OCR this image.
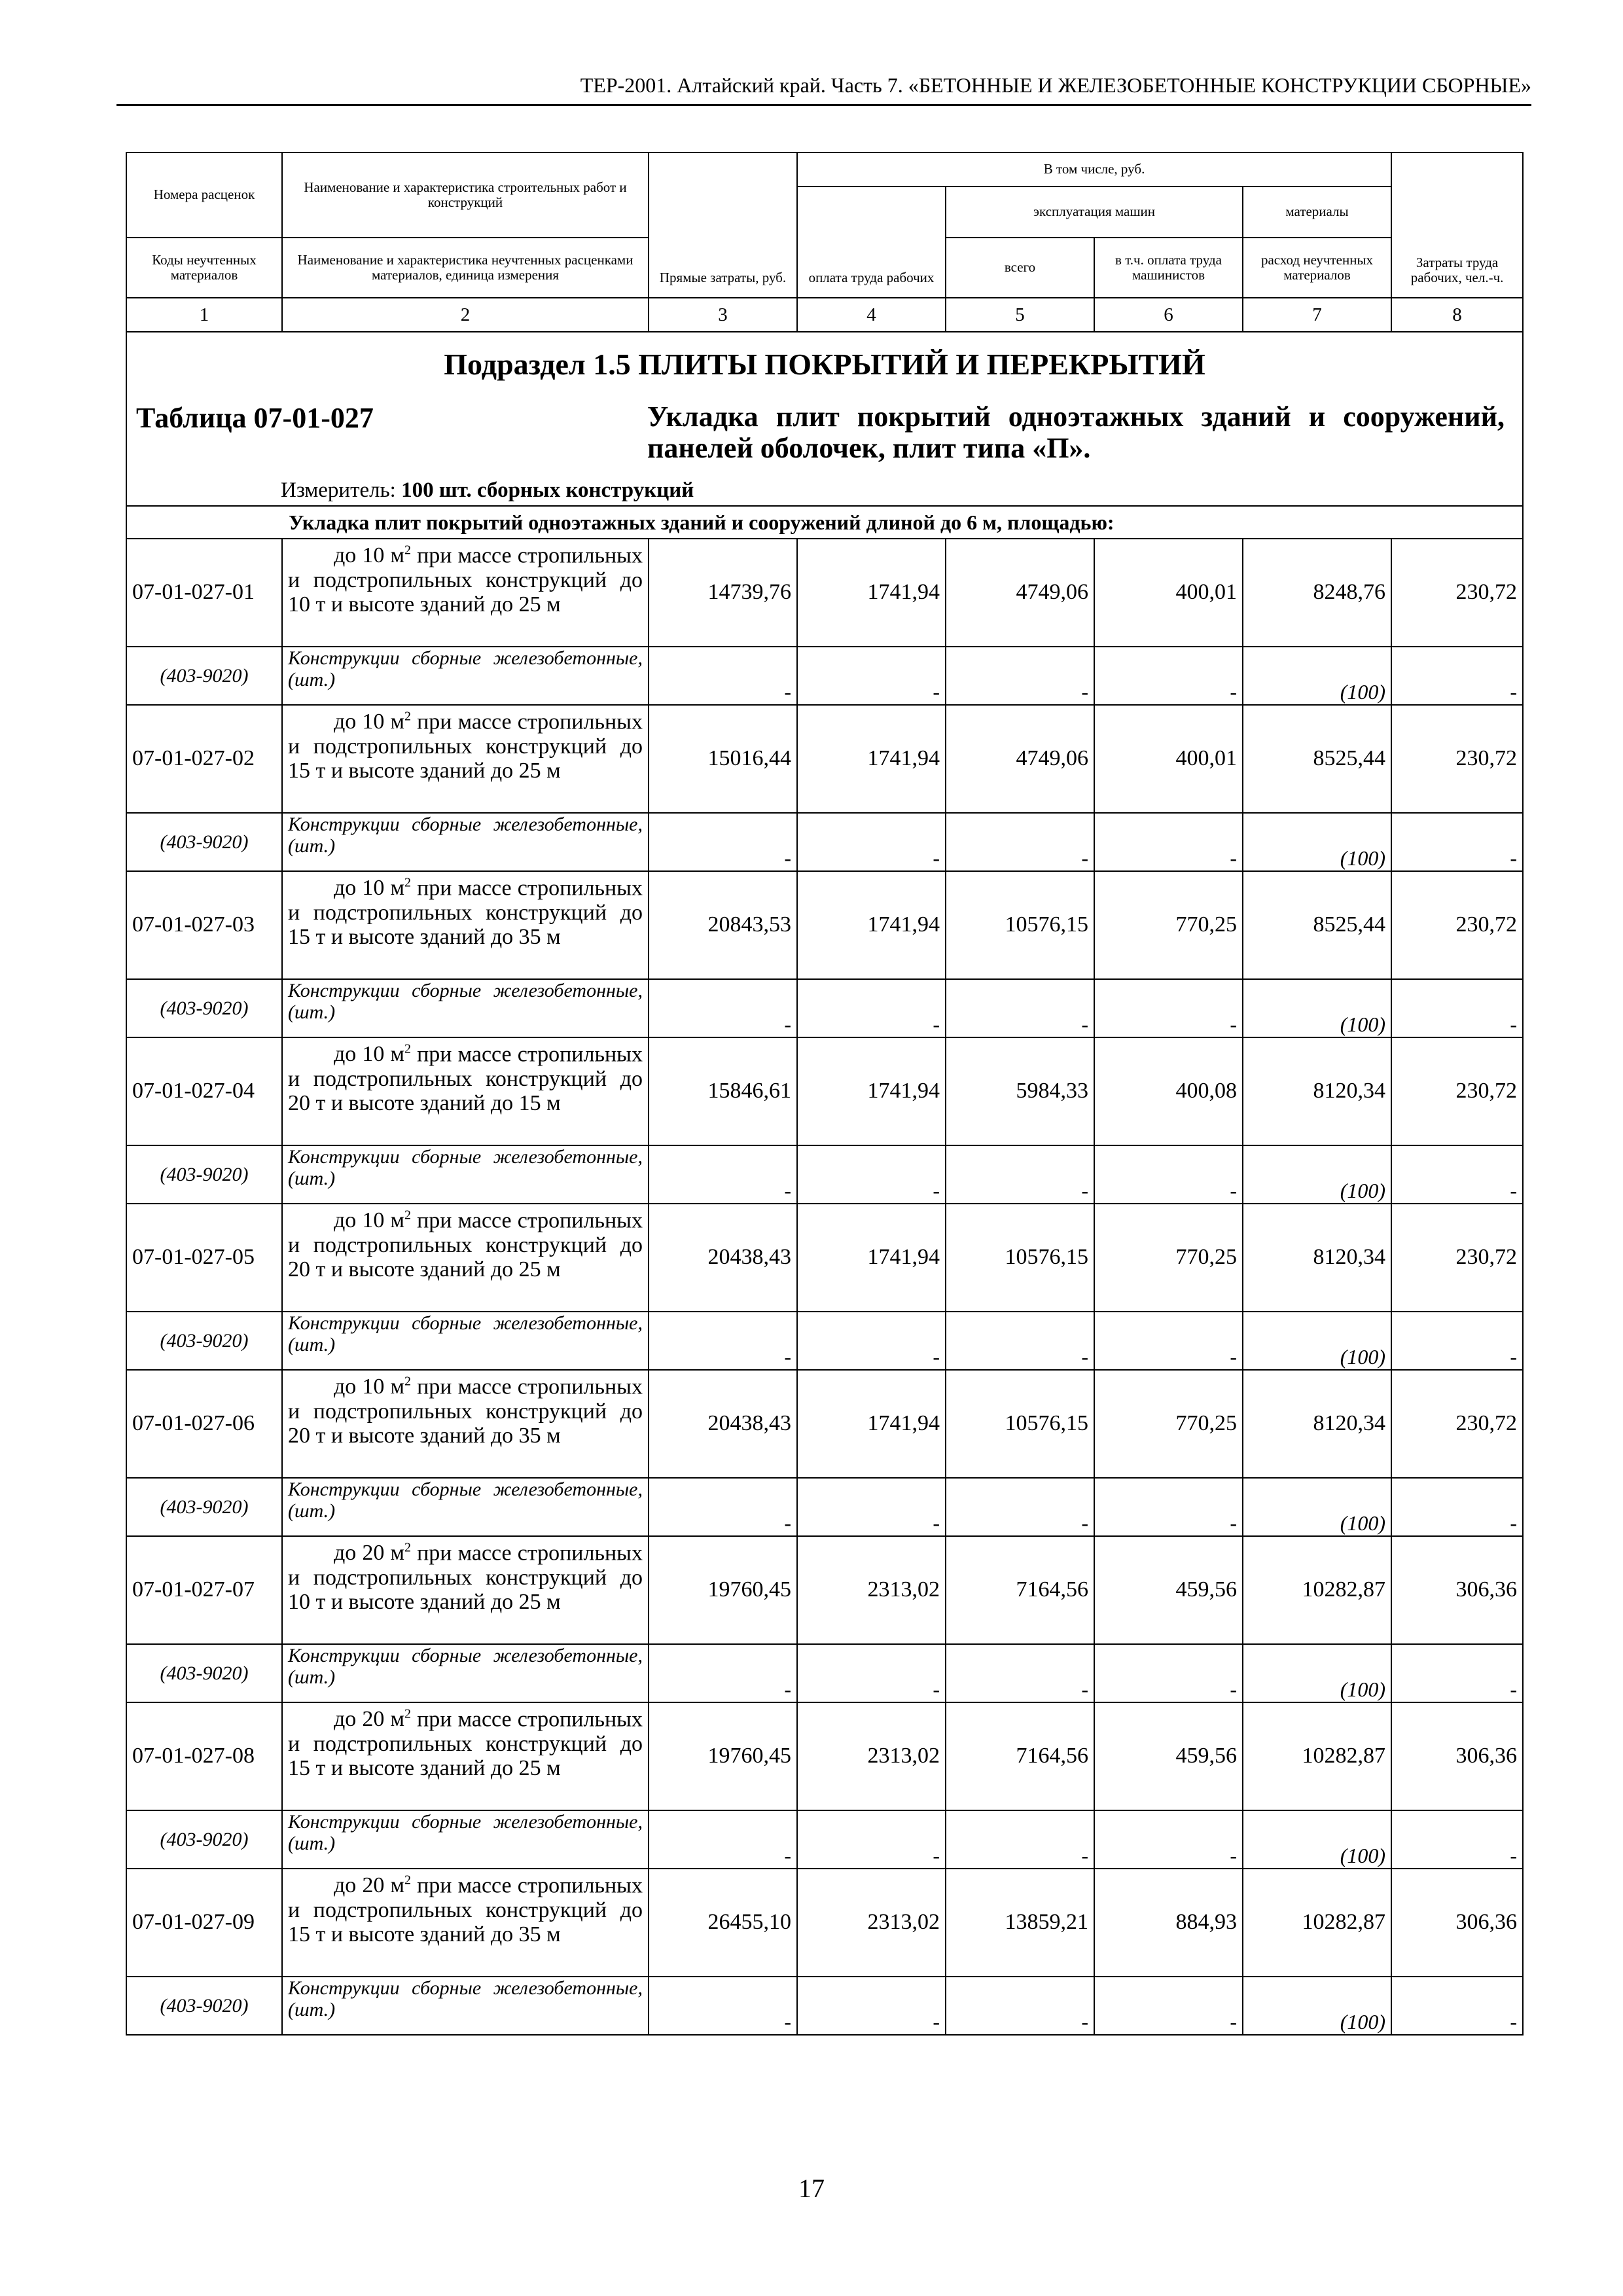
ТЕР-2001. Алтайский край. Часть 7. «БЕТОННЫЕ И ЖЕЛЕЗОБЕТОННЫЕ КОНСТРУКЦИИ СБОРНЫЕ»
Номера расценок	Наименование и характеристика строительных работ и конструкций	Прямые затраты, руб.	В том числе, руб.				Затраты труда рабочих, чел.-ч.
			оплата труда рабочих	эксплуатация машин		материалы	
Коды неучтенных материалов	Наименование и характеристика неучтенных расценками материалов, единица измерения			всего	в т.ч. оплата труда машинистов	расход неучтенных материалов	
1	2	3	4	5	6	7	8

Подраздел 1.5 ПЛИТЫ ПОКРЫТИЙ И ПЕРЕКРЫТИЙ
Таблица 07-01-027 Укладка плит покрытий одноэтажных зданий и сооружений, панелей оболочек, плит типа «П».
Измеритель: 100 шт. сборных конструкций							

Укладка плит покрытий одноэтажных зданий и сооружений длиной до 6 м, площадью:							
07-01-027-01	до 10 $м^2$ при массе стропильных и подстропильных конструкций до 10 т и высоте зданий до 25 м	14739,76	1741,94	4749,06	400,01	8248,76	230,72
(403-9020)	Конструкции сборные железобетонные, (шт.)	-	-	-	-	(100)	-
07-01-027-02	до 10 $м^2$ при массе стропильных и подстропильных конструкций до 15 т и высоте зданий до 25 м	15016,44	1741,94	4749,06	400,01	8525,44	230,72
(403-9020)	Конструкции сборные железобетонные, (шт.)	-	-	-	-	(100)	-
07-01-027-03	до 10 $м^2$ при массе стропильных и подстропильных конструкций до 15 т и высоте зданий до 35 м	20843,53	1741,94	10576,15	770,25	8525,44	230,72
(403-9020)	Конструкции сборные железобетонные, (шт.)	-	-	-	-	(100)	-
07-01-027-04	до 10 $м^2$ при массе стропильных и подстропильных конструкций до 20 т и высоте зданий до 15 м	15846,61	1741,94	5984,33	400,08	8120,34	230,72
(403-9020)	Конструкции сборные железобетонные, (шт.)	-	-	-	-	(100)	-
07-01-027-05	до 10 $м^2$ при массе стропильных и подстропильных конструкций до 20 т и высоте зданий до 25 м	20438,43	1741,94	10576,15	770,25	8120,34	230,72
(403-9020)	Конструкции сборные железобетонные, (шт.)	-	-	-	-	(100)	-
07-01-027-06	до 10 $м^2$ при массе стропильных и подстропильных конструкций до 20 т и высоте зданий до 35 м	20438,43	1741,94	10576,15	770,25	8120,34	230,72
(403-9020)	Конструкции сборные железобетонные, (шт.)	-	-	-	-	(100)	-
07-01-027-07	до 20 $м^2$ при массе стропильных и подстропильных конструкций до 10 т и высоте зданий до 25 м	19760,45	2313,02	7164,56	459,56	10282,87	306,36
(403-9020)	Конструкции сборные железобетонные, (шт.)	-	-	-	-	(100)	-
07-01-027-08	до 20 $м^2$ при массе стропильных и подстропильных конструкций до 15 т и высоте зданий до 25 м	19760,45	2313,02	7164,56	459,56	10282,87	306,36
(403-9020)	Конструкции сборные железобетонные, (шт.)	-	-	-	-	(100)	-
07-01-027-09	до 20 $м^2$ при массе стропильных и подстропильных конструкций до 15 т и высоте зданий до 35 м	26455,10	2313,02	13859,21	884,93	10282,87	306,36
(403-9020)	Конструкции сборные железобетонные, (шт.)	-	-	-	-	(100)	-
17
